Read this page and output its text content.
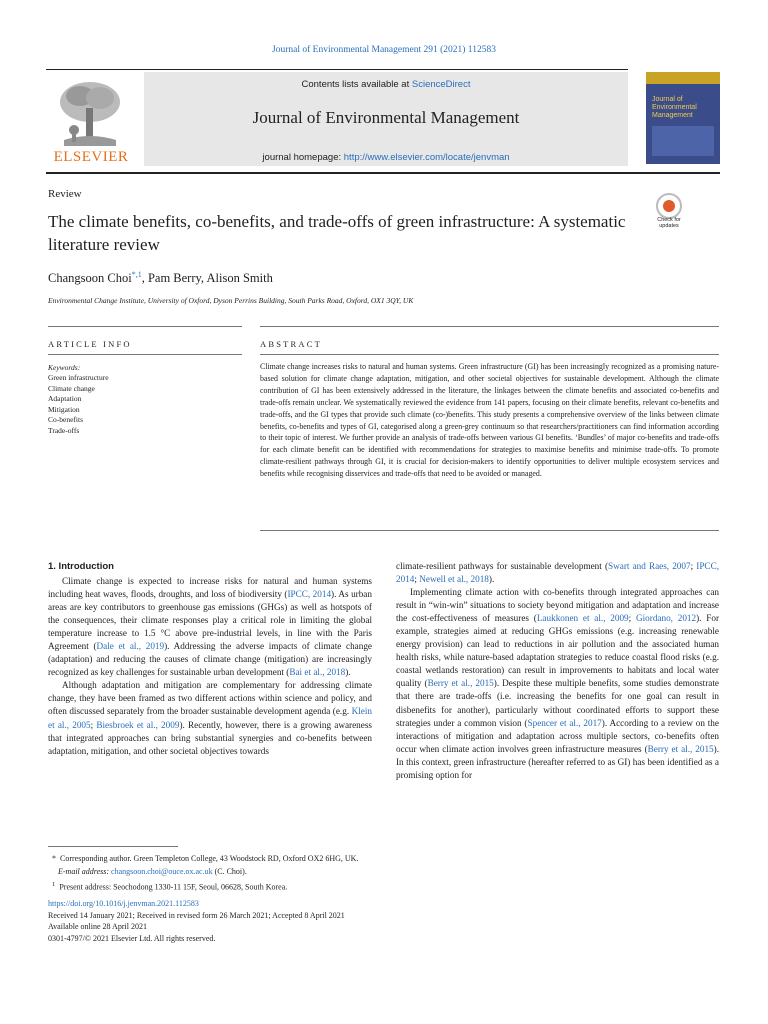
Journal of Environmental Management 291 (2021) 112583
ELSEVIER
Contents lists available at ScienceDirect
Journal of Environmental Management
journal homepage: http://www.elsevier.com/locate/jenvman
Journal of Environmental Management
Review
The climate benefits, co-benefits, and trade-offs of green infrastructure: A systematic literature review
Check for updates
Changsoon Choi$^{*,1}$, Pam Berry, Alison Smith
Environmental Change Institute, University of Oxford, Dyson Perrins Building, South Parks Road, Oxford, OX1 3QY, UK
ARTICLE INFO	ABSTRACT
Keywords:
Green infrastructure
Climate change
Adaptation
Mitigation
Co-benefits
Trade-offs
Climate change increases risks to natural and human systems. Green infrastructure (GI) has been increasingly recognized as a promising nature-based solution for climate change adaptation, mitigation, and other societal objectives for sustainable development. Although the climate contribution of GI has been extensively addressed in the literature, the linkages between the climate benefits and associated co-benefits and trade-offs remain unclear. We systematically reviewed the evidence from 141 papers, focusing on their climate benefits, relevant co-benefits and trade-offs, and the GI types that provide such climate (co-)benefits. This study presents a comprehensive overview of the links between climate benefits, co-benefits and types of GI, categorised along a green-grey continuum so that researchers/practitioners can find information according to their topic of interest. We further provide an analysis of trade-offs between various GI benefits. ‘Bundles’ of major co-benefits and trade-offs for each climate benefit can be identified with recommendations for strategies to maximise benefits and minimise trade-offs. To promote climate-resilient pathways through GI, it is crucial for decision-makers to identify opportunities to deliver multiple ecosystem services and benefits while recognising disservices and trade-offs that need to be avoided or managed.
1. Introduction

Climate change is expected to increase risks for natural and human systems including heat waves, floods, droughts, and loss of biodiversity (IPCC, 2014). As urban areas are key contributors to greenhouse gas emissions (GHGs) as well as hotspots of the consequences, their climate responses play a critical role in limiting the global temperature increase to 1.5 °C above pre-industrial levels, in line with the Paris Agreement (Dale et al., 2019). Addressing the adverse impacts of climate change (adaptation) and reducing the causes of climate change (mitigation) are increasingly recognized as key challenges for sustainable urban development (Bai et al., 2018).

Although adaptation and mitigation are complementary for addressing climate change, they have been framed as two different actions within science and policy, and often discussed separately from the broader sustainable development agenda (e.g. Klein et al., 2005; Biesbroek et al., 2009). Recently, however, there is a growing awareness that integrated approaches can bring substantial synergies and co-benefits between adaptation, mitigation, and other societal objectives towards

climate-resilient pathways for sustainable development (Swart and Raes, 2007; IPCC, 2014; Newell et al., 2018).

Implementing climate action with co-benefits through integrated approaches can result in “win-win” situations to society beyond mitigation and adaptation and increase the cost-effectiveness of measures (Laukkonen et al., 2009; Giordano, 2012). For example, strategies aimed at reducing GHGs emissions (e.g. increasing renewable energy provision) can lead to reductions in air pollution and the associated human health risks, while nature-based adaptation strategies to reduce coastal flood risks (e.g. coastal wetlands restoration) can result in improvements to habitats and local water quality (Berry et al., 2015). Despite these multiple benefits, some studies demonstrate that there are trade-offs (i.e. increasing the benefits for one goal can result in disbenefits for another), particularly without coordinated efforts to support these strategies under a common vision (Spencer et al., 2017). According to a review on the interactions of mitigation and adaptation across multiple sectors, co-benefits often occur when climate action involves green infrastructure measures (Berry et al., 2015). In this context, green infrastructure (hereafter referred to as GI) has been identified as a promising option for

* Corresponding author. Green Templeton College, 43 Woodstock RD, Oxford OX2 6HG, UK.
E-mail address: changsoon.choi@ouce.ox.ac.uk (C. Choi).
$^1$ Present address: Seochodong 1330-11 15F, Seoul, 06628, South Korea.
https://doi.org/10.1016/j.jenvman.2021.112583
Received 14 January 2021; Received in revised form 26 March 2021; Accepted 8 April 2021
Available online 28 April 2021
0301-4797/© 2021 Elsevier Ltd. All rights reserved.
